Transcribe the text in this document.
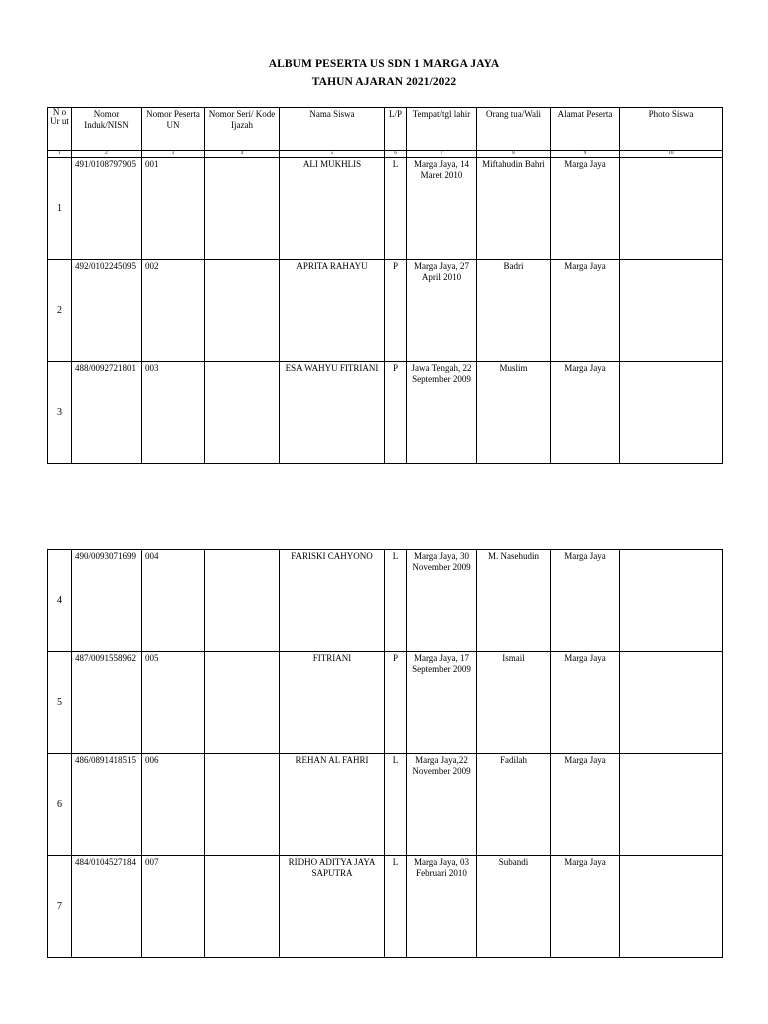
ALBUM PESERTA US SDN 1 MARGA JAYA
TAHUN AJARAN 2021/2022
N o Ur ut	Nomor Induk/NISN	Nomor Peserta UN	Nomor Seri/ Kode Ijazah	Nama Siswa	L/P	Tempat/tgl lahir	Orang tua/Wali	Alamat Peserta	Photo Siswa
1	2	3	4	5	6	7	8	9	10
1	491/0108797905	001		ALI MUKHLIS	L	Marga Jaya, 14 Maret 2010	Miftahudin Bahri	Marga Jaya	
2	492/0102245095	002		APRITA RAHAYU	P	Marga Jaya, 27 April 2010	Badri	Marga Jaya	
3	488/0092721801	003		ESA WAHYU FITRIANI	P	Jawa Tengah, 22 September 2009	Muslim	Marga Jaya	
4	490/0093071699	004		FARISKI CAHYONO	L	Marga Jaya, 30 November 2009	M. Nasehudin	Marga Jaya	
5	487/0091558962	005		FITRIANI	P	Marga Jaya, 17 September 2009	Ismail	Marga Jaya	
6	486/0891418515	006		REHAN AL FAHRI	L	Marga Jaya,22 November 2009	Fadilah	Marga Jaya	
7	484/0104527184	007		RIDHO ADITYA JAYA SAPUTRA	L	Marga Jaya, 03 Februari 2010	Subandi	Marga Jaya	
